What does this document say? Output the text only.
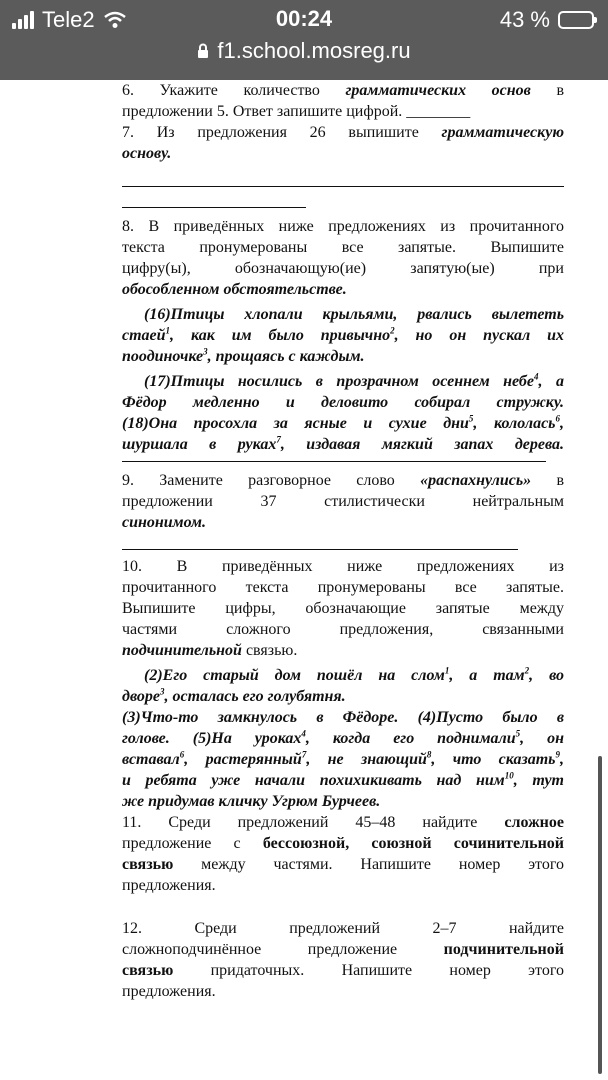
Tele2	00:24	43 %
f1.school.mosreg.ru

6. Укажите количество грамматических основ в

предложении 5. Ответ запишите цифрой. ________

7. Из предложения 26 выпишите грамматическую

основу.

8. В приведённых ниже предложениях из прочитанного

текста пронумерованы все запятые. Выпишите

цифру(ы), обозначающую(ие) запятую(ые) при

обособленном обстоятельстве.

(16)Птицы хлопали крыльями, рвались вылететь

стаей$^1$, как им было привычно$^2$, но он пускал их

поодиночке$^3$, прощаясь с каждым.

(17)Птицы носились в прозрачном осеннем небе$^4$, а

Фёдор медленно и деловито собирал стружку.

(18)Она просохла за ясные и сухие дни$^5$, кололась$^6$,

шуршала в руках$^7$, издавая мягкий запах дерева.

9. Замените разговорное слово «распахнулись» в

предложении 37 стилистически нейтральным

синонимом.

10. В приведённых ниже предложениях из

прочитанного текста пронумерованы все запятые.

Выпишите цифры, обозначающие запятые между

частями сложного предложения, связанными

подчинительной связью.

(2)Его старый дом пошёл на слом$^1$, а там$^2$, во

дворе$^3$, осталась его голубятня.

(3)Что-то замкнулось в Фёдоре. (4)Пусто было в

голове. (5)На уроках$^4$, когда его поднимали$^5$, он

вставал$^6$, растерянный$^7$, не знающий$^8$, что сказать$^9$,

и ребята уже начали похихикивать над ним$^{10}$, тут

же придумав кличку Угрюм Бурчеев.

11. Среди предложений 45–48 найдите сложное

предложение с бессоюзной, союзной сочинительной

связью между частями. Напишите номер этого

предложения.

12. Среди предложений 2–7 найдите

сложноподчинённое предложение подчинительной

связью придаточных. Напишите номер этого

предложения.
